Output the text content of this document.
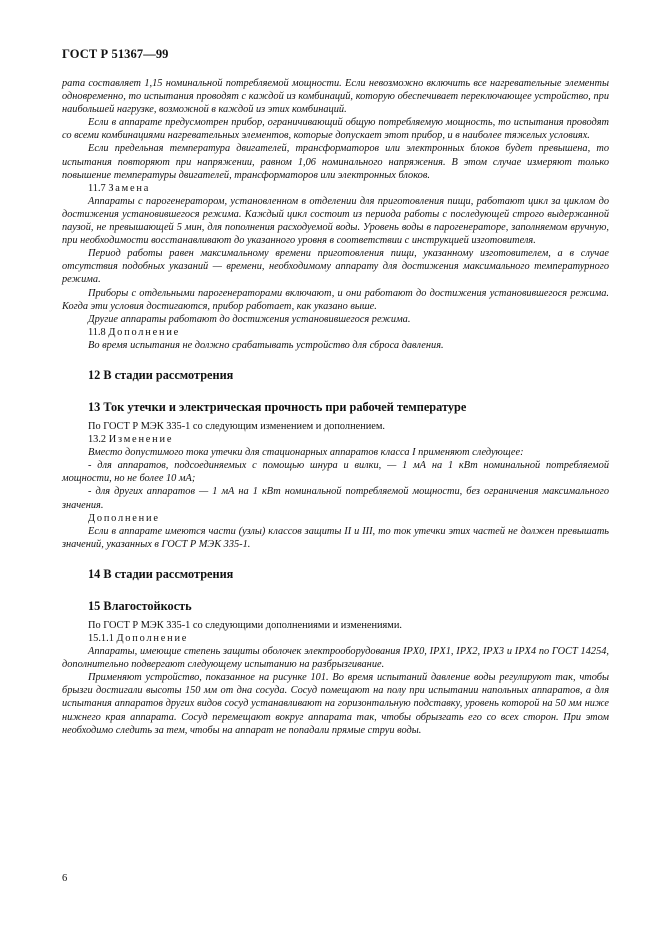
ГОСТ Р 51367—99

рата составляет 1,15 номинальной потребляемой мощности. Если невозможно включить все нагревательные элементы одновременно, то испытания проводят с каждой из комбинаций, которую обеспечивает переключающее устройство, при наибольшей нагрузке, возможной в каждой из этих комбинаций.

Если в аппарате предусмотрен прибор, ограничивающий общую потребляемую мощность, то испытания проводят со всеми комбинациями нагревательных элементов, которые допускает этот прибор, и в наиболее тяжелых условиях.

Если предельная температура двигателей, трансформаторов или электронных блоков будет превышена, то испытания повторяют при напряжении, равном 1,06 номинального напряжения. В этом случае измеряют только повышение температуры двигателей, трансформаторов или электронных блоков.

11.7 Замена

Аппараты с парогенератором, установленном в отделении для приготовления пищи, работают цикл за циклом до достижения установившегося режима. Каждый цикл состоит из периода работы с последующей строго выдержанной паузой, не превышающей 5 мин, для пополнения расходуемой воды. Уровень воды в парогенераторе, заполняемом вручную, при необходимости восстанавливают до указанного уровня в соответствии с инструкцией изготовителя.

Период работы равен максимальному времени приготовления пищи, указанному изготовителем, а в случае отсутствия подобных указаний — времени, необходимому аппарату для достижения максимального температурного режима.

Приборы с отдельными парогенераторами включают, и они работают до достижения установившегося режима. Когда эти условия достигаются, прибор работает, как указано выше.

Другие аппараты работают до достижения установившегося режима.

11.8 Дополнение

Во время испытания не должно срабатывать устройство для сброса давления.

12 В стадии рассмотрения
13 Ток утечки и электрическая прочность при рабочей температуре

По ГОСТ Р МЭК 335-1 со следующим изменением и дополнением.

13.2 Изменение

Вместо допустимого тока утечки для стационарных аппаратов класса I применяют следующее:

- для аппаратов, подсоединяемых с помощью шнура и вилки, — 1 мА на 1 кВт номинальной потребляемой мощности, но не более 10 мА;

- для других аппаратов — 1 мА на 1 кВт номинальной потребляемой мощности, без ограничения максимального значения.

Дополнение

Если в аппарате имеются части (узлы) классов защиты II и III, то ток утечки этих частей не должен превышать значений, указанных в ГОСТ Р МЭК 335-1.

14 В стадии рассмотрения
15 Влагостойкость

По ГОСТ Р МЭК 335-1 со следующими дополнениями и изменениями.

15.1.1 Дополнение

Аппараты, имеющие степень защиты оболочек электрооборудования IPX0, IPX1, IPX2, IPX3 и IPX4 по ГОСТ 14254, дополнительно подвергают следующему испытанию на разбрызгивание.

Применяют устройство, показанное на рисунке 101. Во время испытаний давление воды регулируют так, чтобы брызги достигали высоты 150 мм от дна сосуда. Сосуд помещают на полу при испытании напольных аппаратов, а для испытания аппаратов других видов сосуд устанавливают на горизонтальную подставку, уровень которой на 50 мм ниже нижнего края аппарата. Сосуд перемещают вокруг аппарата так, чтобы обрызгать его со всех сторон. При этом необходимо следить за тем, чтобы на аппарат не попадали прямые струи воды.

6
